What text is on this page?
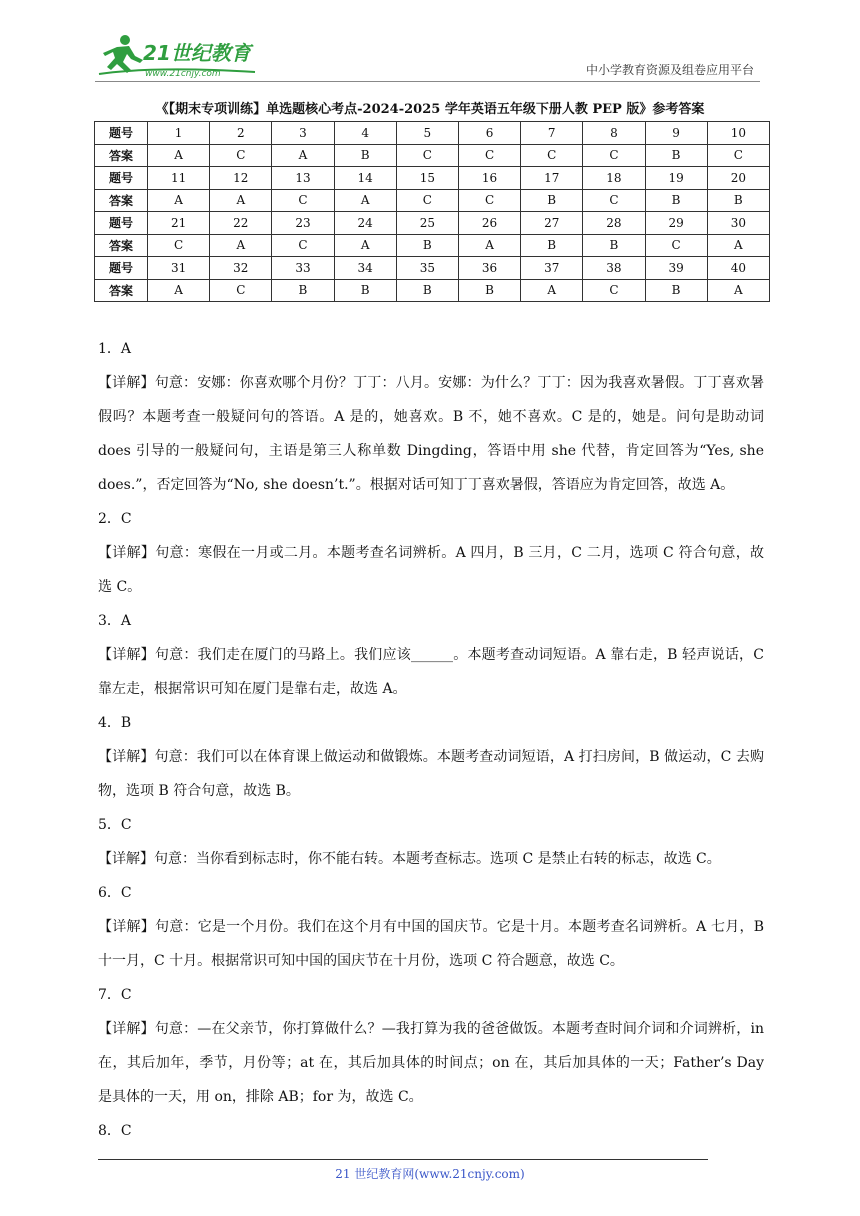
21世纪教育
www.21cnjy.com	中小学教育资源及组卷应用平台
《【期末专项训练】单选题核心考点-2024-2025 学年英语五年级下册人教 PEP 版》参考答案
题号	1	2	3	4	5	6	7	8	9	10
答案	A	C	A	B	C	C	C	C	B	C
题号	11	12	13	14	15	16	17	18	19	20
答案	A	A	C	A	C	C	B	C	B	B
题号	21	22	23	24	25	26	27	28	29	30
答案	C	A	C	A	B	A	B	B	C	A
题号	31	32	33	34	35	36	37	38	39	40
答案	A	C	B	B	B	B	A	C	B	A
1．A
【详解】句意：安娜：你喜欢哪个月份？丁丁：八月。安娜：为什么？丁丁：因为我喜欢暑假。丁丁喜欢暑假吗？本题考查一般疑问句的答语。A 是的，她喜欢。B 不，她不喜欢。C 是的，她是。问句是助动词 does 引导的一般疑问句，主语是第三人称单数 Dingding，答语中用 she 代替，肯定回答为“Yes, she does.”，否定回答为“No, she doesn’t.”。根据对话可知丁丁喜欢暑假，答语应为肯定回答，故选 A。
2．C
【详解】句意：寒假在一月或二月。本题考查名词辨析。A 四月，B 三月，C 二月，选项 C 符合句意，故选 C。
3．A
【详解】句意：我们走在厦门的马路上。我们应该______。本题考查动词短语。A 靠右走，B 轻声说话，C 靠左走，根据常识可知在厦门是靠右走，故选 A。
4．B
【详解】句意：我们可以在体育课上做运动和做锻炼。本题考查动词短语，A 打扫房间，B 做运动，C 去购物，选项 B 符合句意，故选 B。
5．C
【详解】句意：当你看到标志时，你不能右转。本题考查标志。选项 C 是禁止右转的标志，故选 C。
6．C
【详解】句意：它是一个月份。我们在这个月有中国的国庆节。它是十月。本题考查名词辨析。A 七月，B 十一月，C 十月。根据常识可知中国的国庆节在十月份，选项 C 符合题意，故选 C。
7．C
【详解】句意：—在父亲节，你打算做什么？—我打算为我的爸爸做饭。本题考查时间介词和介词辨析，in 在，其后加年，季节，月份等；at 在，其后加具体的时间点；on 在，其后加具体的一天；Father’s Day 是具体的一天，用 on，排除 AB；for 为，故选 C。
8．C
21 世纪教育网(www.21cnjy.com)
